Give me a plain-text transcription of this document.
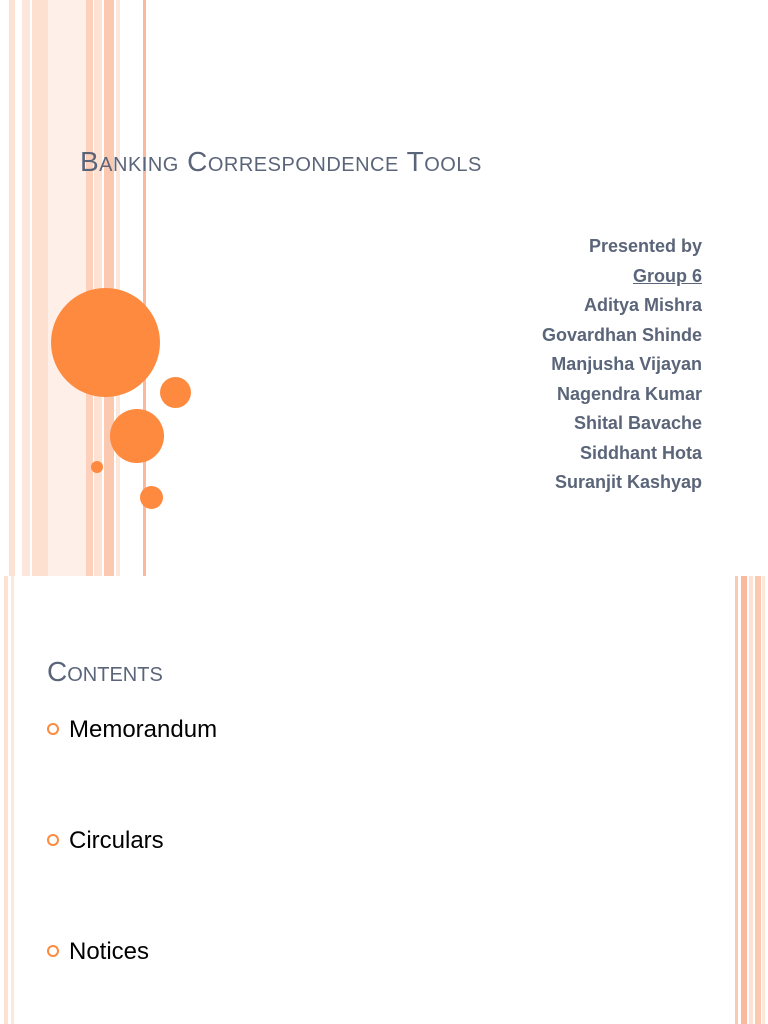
Banking Correspondence Tools
Presented by
Group 6
Aditya Mishra
Govardhan Shinde
Manjusha Vijayan
Nagendra Kumar
Shital Bavache
Siddhant Hota
Suranjit Kashyap
Contents
Memorandum
Circulars
Notices
